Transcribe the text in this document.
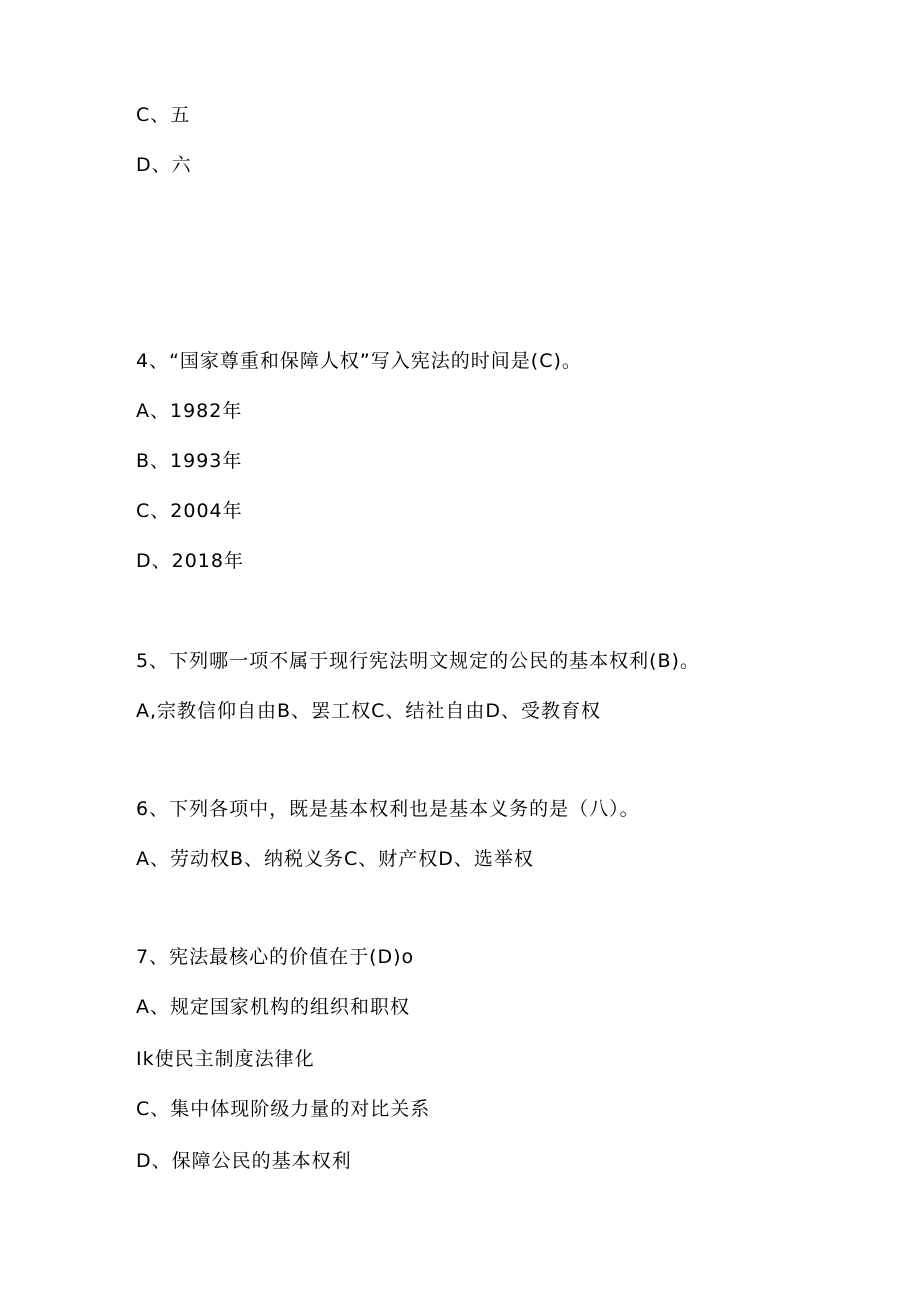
C、五
D、六
4、“国家尊重和保障人权”写入宪法的时间是(C)。
A、1982年
B、1993年
C、2004年
D、2018年
5、下列哪一项不属于现行宪法明文规定的公民的基本权利(B)。
A,宗教信仰自由B、罢工权C、结社自由D、受教育权
6、下列各项中，既是基本权利也是基本义务的是（八）。
A、劳动权B、纳税义务C、财产权D、选举权
7、宪法最核心的价值在于(D)o
A、规定国家机构的组织和职权
Ik使民主制度法律化
C、集中体现阶级力量的对比关系
D、保障公民的基本权利
